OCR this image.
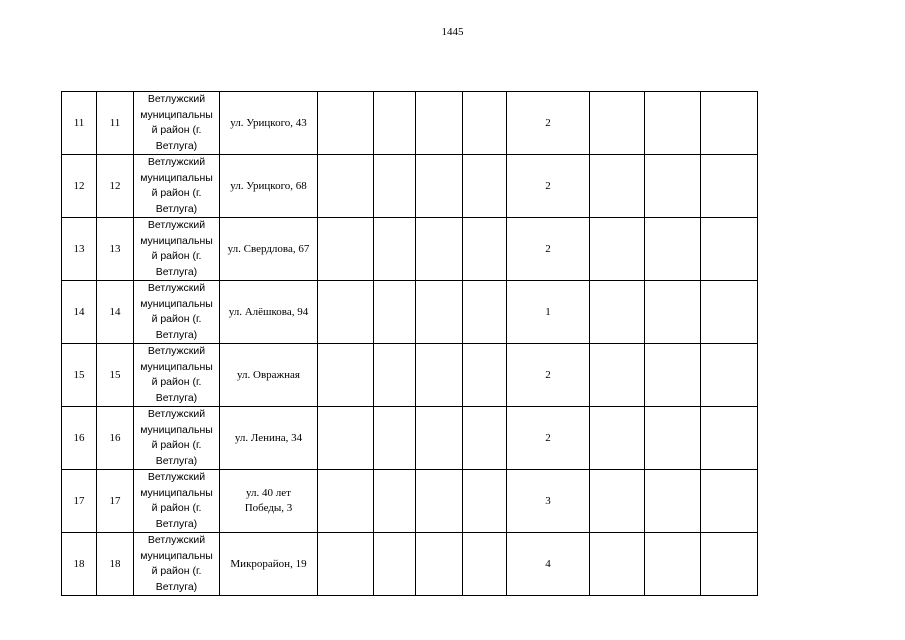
1445
11	11	Ветлужский муниципальны й район (г. Ветлуга)	ул. Урицкого, 43					2			
12	12	Ветлужский муниципальны й район (г. Ветлуга)	ул. Урицкого, 68					2			
13	13	Ветлужский муниципальны й район (г. Ветлуга)	ул. Свердлова, 67					2			
14	14	Ветлужский муниципальны й район (г. Ветлуга)	ул. Алёшкова, 94					1			
15	15	Ветлужский муниципальны й район (г. Ветлуга)	ул. Овражная					2			
16	16	Ветлужский муниципальны й район (г. Ветлуга)	ул. Ленина, 34					2			
17	17	Ветлужский муниципальны й район (г. Ветлуга)	ул. 40 лет Победы, 3					3			
18	18	Ветлужский муниципальны й район (г. Ветлуга)	Микрорайон, 19					4			
